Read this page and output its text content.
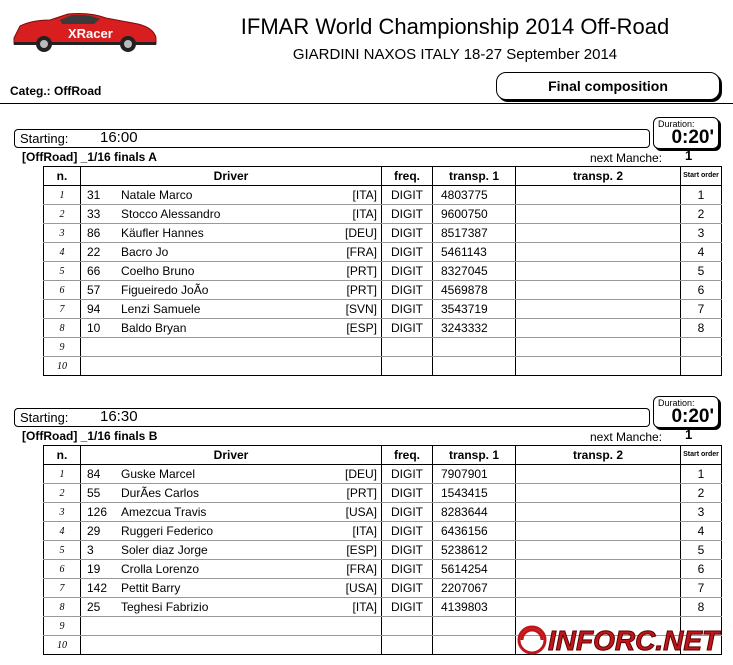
XRacer	IFMAR World Championship 2014 Off-Road
GIARDINI NAXOS ITALY 18-27 September 2014
Categ.: OffRoad	Final composition
Starting: 16:00
Duration:
0:20'
[OffRoad] _1/16 finals A	next Manche: 1
n.	Driver	freq.	transp. 1	transp. 2	Start order
1	31 Natale Marco [ITA]	DIGIT	4803775		1
2	33 Stocco Alessandro [ITA]	DIGIT	9600750		2
3	86 Käufler Hannes [DEU]	DIGIT	8517387		3
4	22 Bacro Jo [FRA]	DIGIT	5461143		4
5	66 Coelho Bruno [PRT]	DIGIT	8327045		5
6	57 Figueiredo JoÃo [PRT]	DIGIT	4569878		6
7	94 Lenzi Samuele [SVN]	DIGIT	3543719		7
8	10 Baldo Bryan [ESP]	DIGIT	3243332		8
9	

10	

Starting: 16:30
Duration:
0:20'
[OffRoad] _1/16 finals B	next Manche: 1
n.	Driver	freq.	transp. 1	transp. 2	Start order
1	84 Guske Marcel [DEU]	DIGIT	7907901		1
2	55 DurÃes Carlos [PRT]	DIGIT	1543415		2
3	126 Amezcua Travis [USA]	DIGIT	8283644		3
4	29 Ruggeri Federico [ITA]	DIGIT	6436156		4
5	3 Soler diaz Jorge [ESP]	DIGIT	5238612		5
6	19 Crolla Lorenzo [FRA]	DIGIT	5614254		6
7	142 Pettit Barry [USA]	DIGIT	2207067		7
8	25 Teghesi Fabrizio [ITA]	DIGIT	4139803		8
9	

10	
					INFORC.NET
